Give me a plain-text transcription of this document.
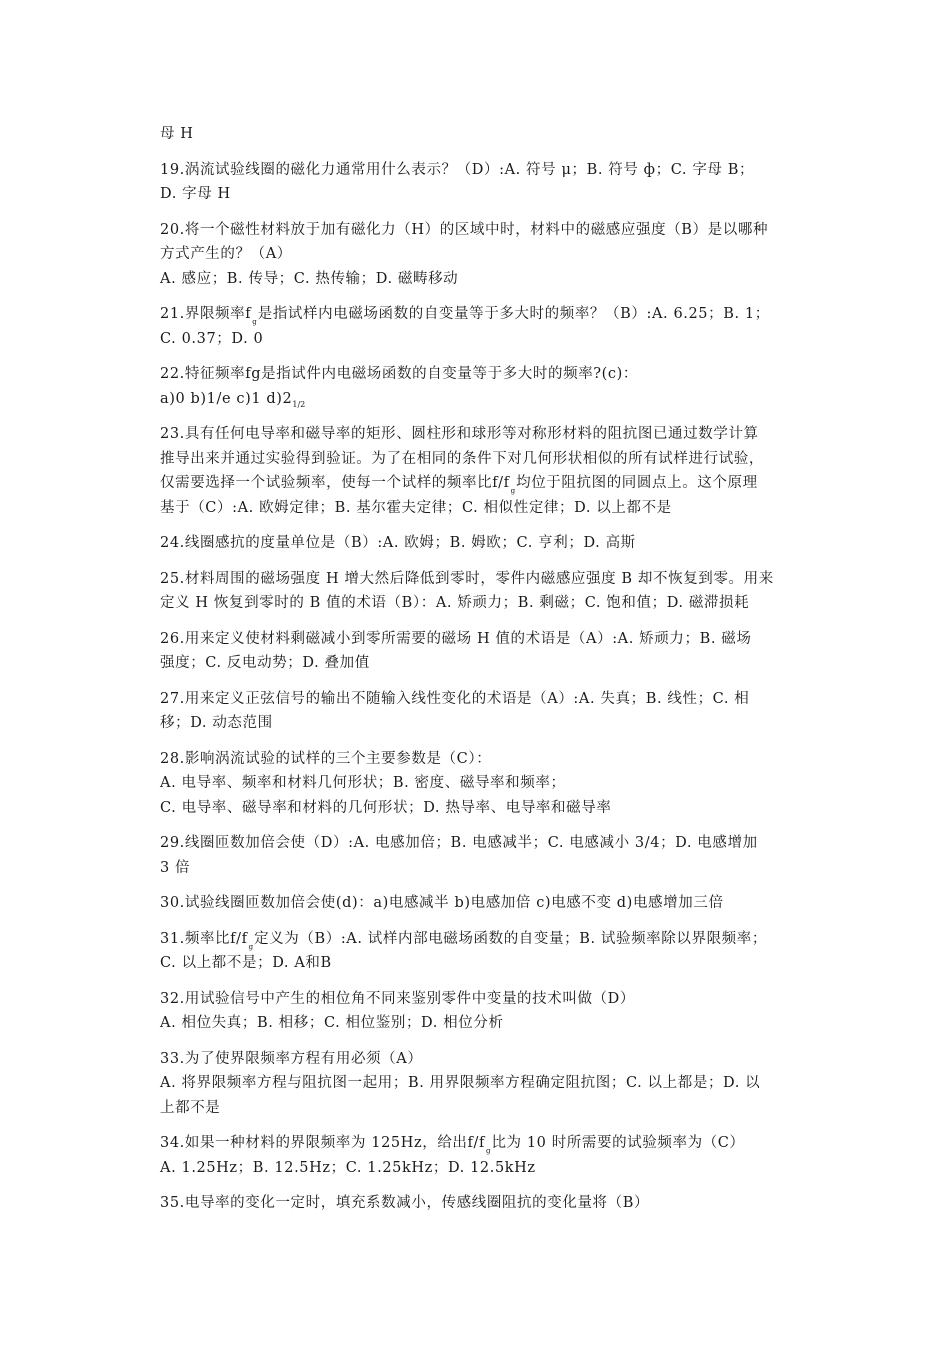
母 H
19.涡流试验线圈的磁化力通常用什么表示？（D）:A. 符号 μ；B. 符号 ф；C. 字母 B；
D. 字母 H
20.将一个磁性材料放于加有磁化力（H）的区域中时，材料中的磁感应强度（B）是以哪种
方式产生的？（A）
A. 感应；B. 传导；C. 热传输；D. 磁畴移动
21.界限频率$f_g$是指试样内电磁场函数的自变量等于多大时的频率？（B）:A. 6.25；B. 1；
C. 0.37；D. 0
22.特征频率fg是指试件内电磁场函数的自变量等于多大时的频率?(c)：
a)0 b)1/e c)1 $d)2^{1/2}$
23.具有任何电导率和磁导率的矩形、圆柱形和球形等对称形材料的阻抗图已通过数学计算
推导出来并通过实验得到验证。为了在相同的条件下对几何形状相似的所有试样进行试验，
仅需要选择一个试验频率，使每一个试样的频率比$f/f_g$均位于阻抗图的同圆点上。这个原理
基于（C）:A. 欧姆定律；B. 基尔霍夫定律；C. 相似性定律；D. 以上都不是
24.线圈感抗的度量单位是（B）:A. 欧姆；B. 姆欧；C. 亨利；D. 高斯
25.材料周围的磁场强度 H 增大然后降低到零时，零件内磁感应强度 B 却不恢复到零。用来
定义 H 恢复到零时的 B 值的术语（B）：A. 矫顽力；B. 剩磁；C. 饱和值；D. 磁滞损耗
26.用来定义使材料剩磁减小到零所需要的磁场 H 值的术语是（A）:A. 矫顽力；B. 磁场
强度；C. 反电动势；D. 叠加值
27.用来定义正弦信号的输出不随输入线性变化的术语是（A）:A. 失真；B. 线性；C. 相
移；D. 动态范围
28.影响涡流试验的试样的三个主要参数是（C）：
A. 电导率、频率和材料几何形状；B. 密度、磁导率和频率；
C. 电导率、磁导率和材料的几何形状；D. 热导率、电导率和磁导率
29.线圈匝数加倍会使（D）:A. 电感加倍；B. 电感减半；C. 电感减小 3/4；D. 电感增加
3 倍
30.试验线圈匝数加倍会使(d)：a)电感减半 b)电感加倍 c)电感不变 d)电感增加三倍
31.频率比$f/f_g$定义为（B）:A. 试样内部电磁场函数的自变量；B. 试验频率除以界限频率；
C. 以上都不是；D. A和B
32.用试验信号中产生的相位角不同来鉴别零件中变量的技术叫做（D）
A. 相位失真；B. 相移；C. 相位鉴别；D. 相位分析
33.为了使界限频率方程有用必须（A）
A. 将界限频率方程与阻抗图一起用；B. 用界限频率方程确定阻抗图；C. 以上都是；D. 以
上都不是
34.如果一种材料的界限频率为 125Hz，给出$f/f_g$比为 10 时所需要的试验频率为（C）
A. 1.25Hz；B. 12.5Hz；C. 1.25kHz；D. 12.5kHz
35.电导率的变化一定时，填充系数减小，传感线圈阻抗的变化量将（B）
